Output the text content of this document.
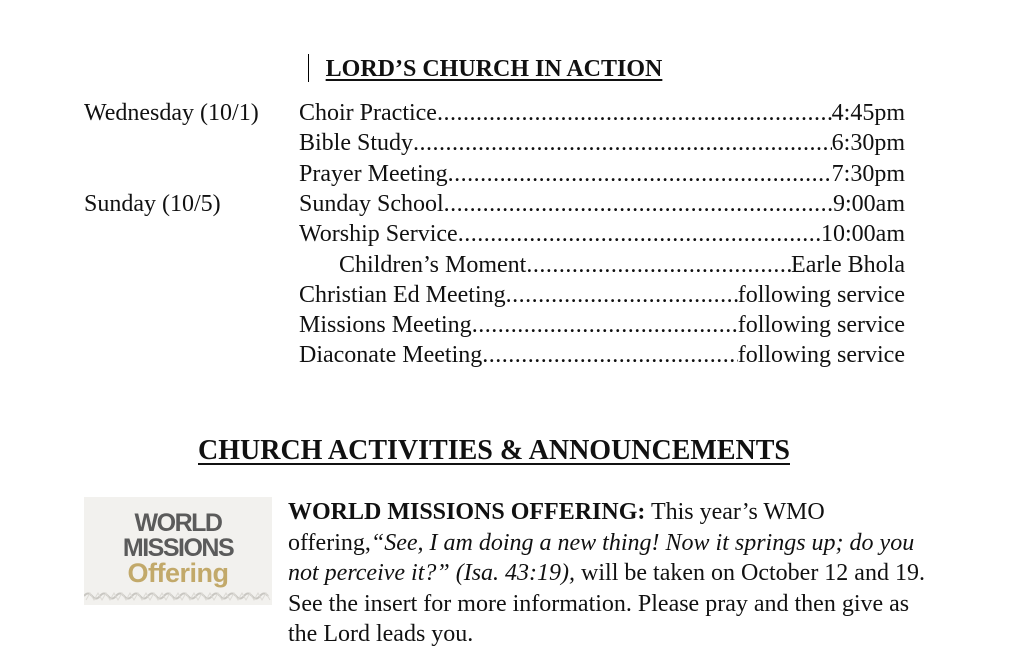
LORD’S CHURCH IN ACTION
Wednesday (10/1) Choir Practice .....	4:45pm
Bible Study .....	6:30pm
Prayer Meeting .....	7:30pm
Sunday (10/5)	Sunday School .....	9:00am
Worship Service .....	10:00am
Children’s Moment .....	Earle Bhola
Christian Ed Meeting .....	following service
Missions Meeting .....	following service
Diaconate Meeting .....	following service
CHURCH ACTIVITIES & ANNOUNCEMENTS
WORLD
MISSIONS
Offering

WORLD MISSIONS OFFERING: This year’s WMO offering,“See, I am doing a new thing! Now it springs up; do you not perceive it?” (Isa. 43:19), will be taken on October 12 and 19. See the insert for more information. Please pray and then give as the Lord leads you.
